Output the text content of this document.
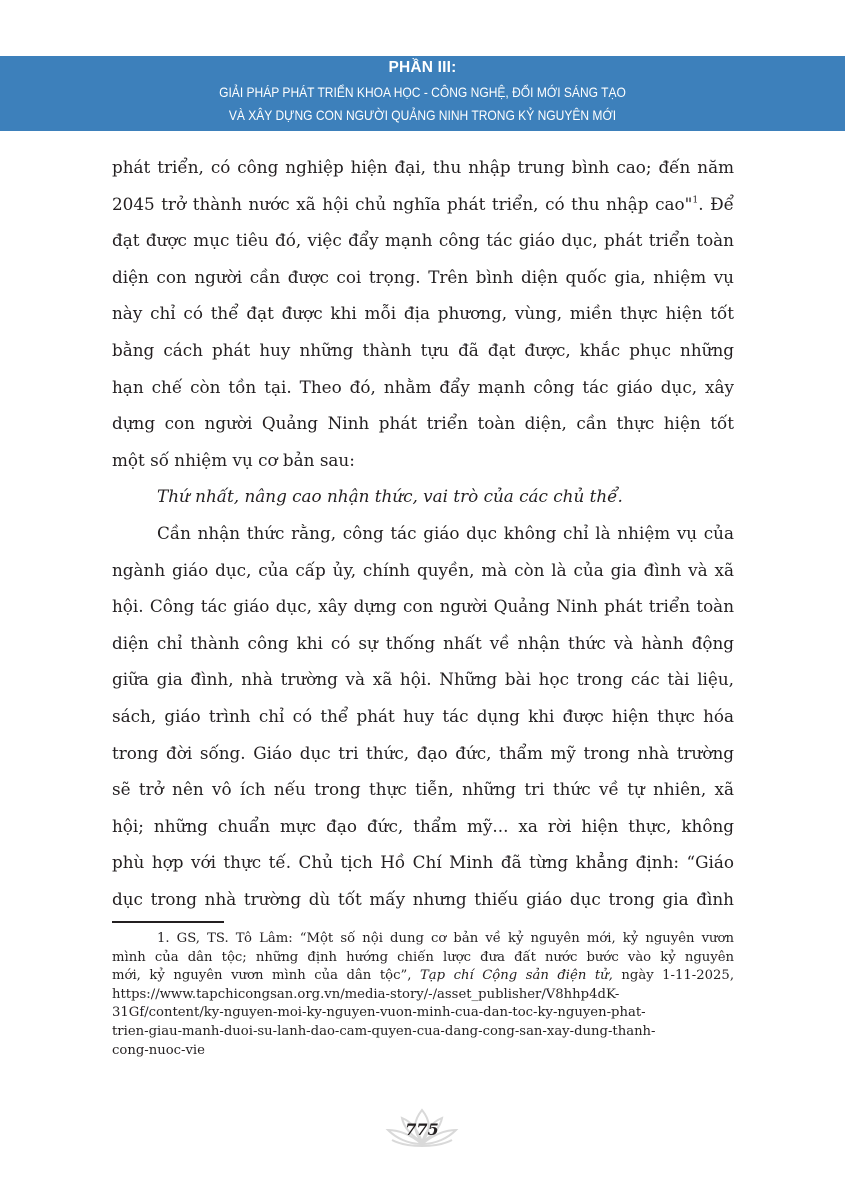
PHẦN III:
GIẢI PHÁP PHÁT TRIỂN KHOA HỌC - CÔNG NGHỆ, ĐỔI MỚI SÁNG TẠO
VÀ XÂY DỰNG CON NGƯỜI QUẢNG NINH TRONG KỶ NGUYÊN MỚI
phát triển, có công nghiệp hiện đại, thu nhập trung bình cao; đến năm
2045 trở thành nước xã hội chủ nghĩa phát triển, có thu nhập cao"$^1$. Để
đạt được mục tiêu đó, việc đẩy mạnh công tác giáo dục, phát triển toàn
diện con người cần được coi trọng. Trên bình diện quốc gia, nhiệm vụ
này chỉ có thể đạt được khi mỗi địa phương, vùng, miền thực hiện tốt
bằng cách phát huy những thành tựu đã đạt được, khắc phục những
hạn chế còn tồn tại. Theo đó, nhằm đẩy mạnh công tác giáo dục, xây
dựng con người Quảng Ninh phát triển toàn diện, cần thực hiện tốt
một số nhiệm vụ cơ bản sau:
Thứ nhất, nâng cao nhận thức, vai trò của các chủ thể.
Cần nhận thức rằng, công tác giáo dục không chỉ là nhiệm vụ của
ngành giáo dục, của cấp ủy, chính quyền, mà còn là của gia đình và xã
hội. Công tác giáo dục, xây dựng con người Quảng Ninh phát triển toàn
diện chỉ thành công khi có sự thống nhất về nhận thức và hành động
giữa gia đình, nhà trường và xã hội. Những bài học trong các tài liệu,
sách, giáo trình chỉ có thể phát huy tác dụng khi được hiện thực hóa
trong đời sống. Giáo dục tri thức, đạo đức, thẩm mỹ trong nhà trường
sẽ trở nên vô ích nếu trong thực tiễn, những tri thức về tự nhiên, xã
hội; những chuẩn mực đạo đức, thẩm mỹ... xa rời hiện thực, không
phù hợp với thực tế. Chủ tịch Hồ Chí Minh đã từng khẳng định: “Giáo
dục trong nhà trường dù tốt mấy nhưng thiếu giáo dục trong gia đình
1. GS, TS. Tô Lâm: “Một số nội dung cơ bản về kỷ nguyên mới, kỷ nguyên vươn
mình của dân tộc; những định hướng chiến lược đưa đất nước bước vào kỷ nguyên
mới, kỷ nguyên vươn mình của dân tộc”, Tạp chí Cộng sản điện tử, ngày 1-11-2025,
https://www.tapchicongsan.org.vn/media-story/-/asset_publisher/V8hhp4dK-
31Gf/content/ky-nguyen-moi-ky-nguyen-vuon-minh-cua-dan-toc-ky-nguyen-phat-
trien-giau-manh-duoi-su-lanh-dao-cam-quyen-cua-dang-cong-san-xay-dung-thanh-
cong-nuoc-vie
775
